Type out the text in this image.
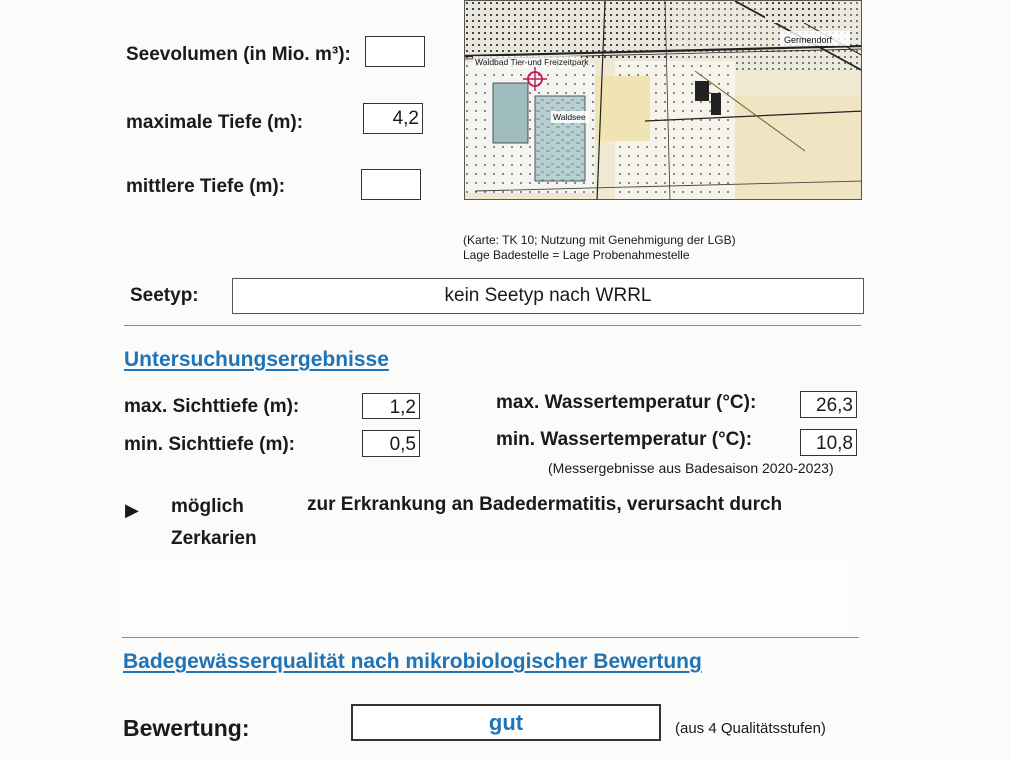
Seevolumen (in Mio. m³):
maximale Tiefe (m):	4,2
mittlere Tiefe (m):
Germendorf
Waldbad Tier-und Freizeitpark
Waldsee
(Karte: TK 10; Nutzung mit Genehmigung der LGB)
Lage Badestelle = Lage Probenahmestelle
Seetyp:	kein Seetyp nach WRRL
Untersuchungsergebnisse
max. Sichttiefe (m):	1,2
min. Sichttiefe (m):	0,5
max. Wassertemperatur (°C):	26,3
min. Wassertemperatur (°C):	10,8
(Messergebnisse aus Badesaison 2020-2023)
▶ möglich	zur Erkrankung an Badedermatitis, verursacht durch
Zerkarien
Badegewässerqualität nach mikrobiologischer Bewertung
Bewertung:	gut	(aus 4 Qualitätsstufen)
